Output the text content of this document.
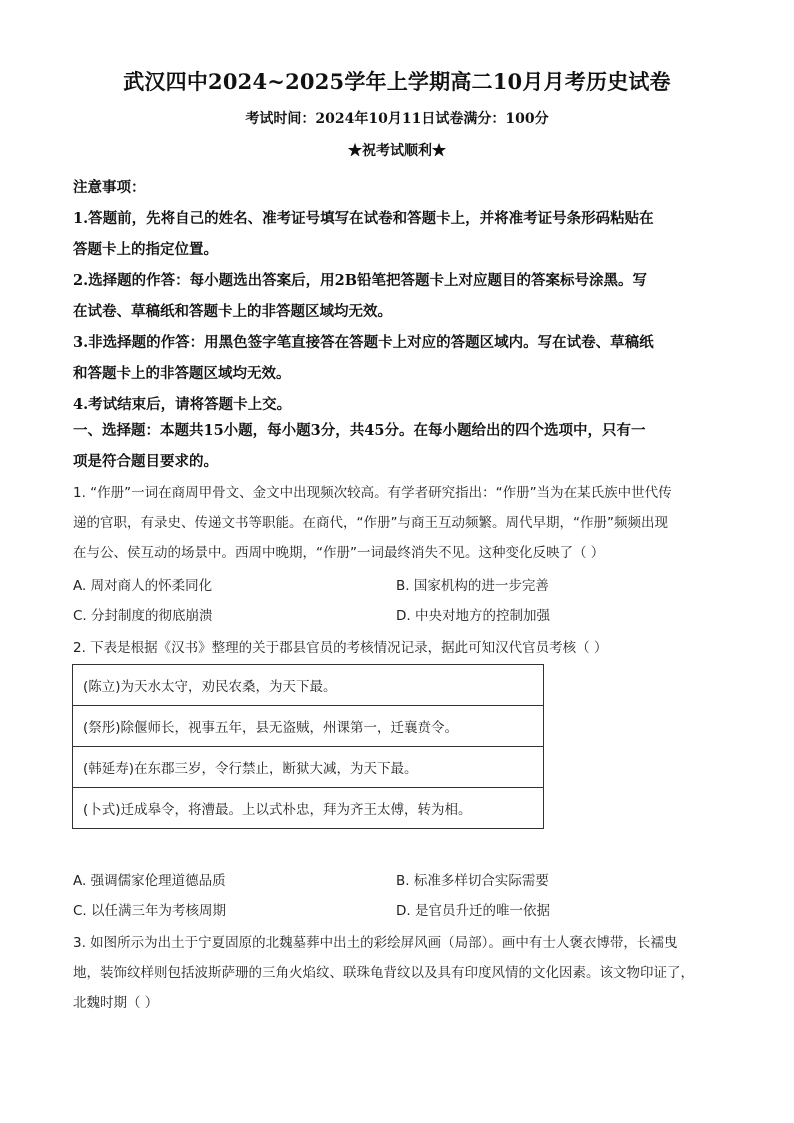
武汉四中2024~2025学年上学期高二10月月考历史试卷
考试时间：2024年10月11日试卷满分：100分
★祝考试顺利★

注意事项：

1.答题前，先将自己的姓名、准考证号填写在试卷和答题卡上，并将准考证号条形码粘贴在

答题卡上的指定位置。

2.选择题的作答：每小题选出答案后，用2B铅笔把答题卡上对应题目的答案标号涂黑。写

在试卷、草稿纸和答题卡上的非答题区域均无效。

3.非选择题的作答：用黑色签字笔直接答在答题卡上对应的答题区域内。写在试卷、草稿纸

和答题卡上的非答题区域均无效。

4.考试结束后，请将答题卡上交。

一、选择题：本题共15小题，每小题3分，共45分。在每小题给出的四个选项中，只有一

项是符合题目要求的。

1. “作册”一词在商周甲骨文、金文中出现频次较高。有学者研究指出：“作册”当为在某氏族中世代传

递的官职，有录史、传递文书等职能。在商代，“作册”与商王互动频繁。周代早期，“作册”频频出现

在与公、侯互动的场景中。西周中晚期，“作册”一词最终消失不见。这种变化反映了（ ）

A. 周对商人的怀柔同化	B. 国家机构的进一步完善
C. 分封制度的彻底崩溃	D. 中央对地方的控制加强

2. 下表是根据《汉书》整理的关于郡县官员的考核情况记录，据此可知汉代官员考核（ ）

(陈立)为天水太守，劝民农桑，为天下最。
(祭彤)除偃师长，视事五年，县无盗贼，州课第一，迁襄贲令。
(韩延寿)在东郡三岁，令行禁止，断狱大减，为天下最。
(卜式)迁成皋令，将漕最。上以式朴忠，拜为齐王太傅，转为相。
A. 强调儒家伦理道德品质	B. 标准多样切合实际需要
C. 以任满三年为考核周期	D. 是官员升迁的唯一依据

3. 如图所示为出土于宁夏固原的北魏墓葬中出土的彩绘屏风画（局部）。画中有士人褒衣博带，长襦曳

地，装饰纹样则包括波斯萨珊的三角火焰纹、联珠龟背纹以及具有印度风情的文化因素。该文物印证了，

北魏时期（ ）
